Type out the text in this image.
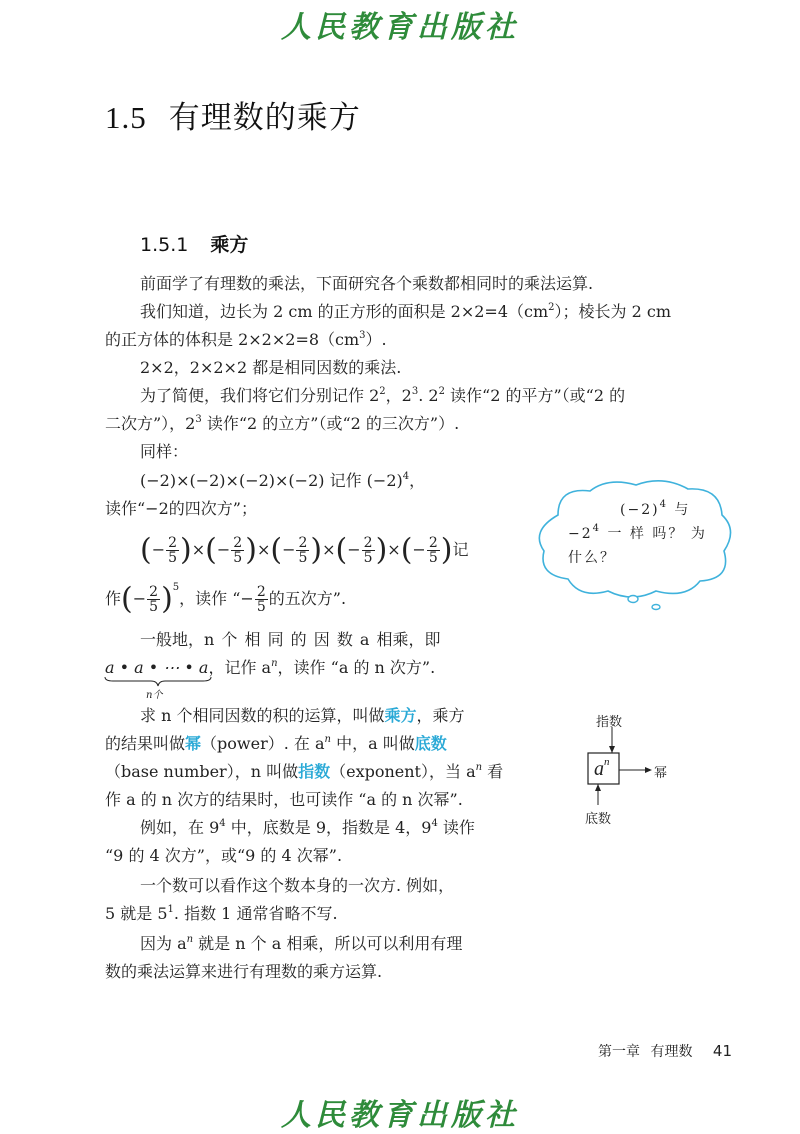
人民教育出版社
人民教育出版社
1.5 有理数的乘方
1.5.1 乘方
前面学了有理数的乘法，下面研究各个乘数都相同时的乘法运算.
我们知道，边长为 2 cm 的正方形的面积是 $2\times 2=4(cm^2)$；棱长为 2 cm
的正方体的体积是 $2\times 2\times 2=8(cm^3)$.
2×2，2×2×2 都是相同因数的乘法.
为了简便，我们将它们分别记作 $2^2$，$2^3$. $2^2$ 读作“2 的平方”（或“2 的
二次方”），$2^3$ 读作“2 的立方”（或“2 的三次方”）.
同样：
(−2)×(−2)×(−2)×(−2) 记作 $(-2)^4$，
读作“−2的四次方”；
(− $\frac{2}{5}$ )×(− $\frac{2}{5}$ )×(− $\frac{2}{5}$ )×(− $\frac{2}{5}$ )×(− $\frac{2}{5}$ )记
作(− $\frac{2}{5} )^5$，读作 “− $\frac{2}{5}$ 的五次方”.
一般地，n 个 相 同 的 因 数 a 相乘，即
a • a • ⋯ • a，记作 $a^n$，读作 “a 的 n 次方”.
n个
求 n 个相同因数的积的运算，叫做乘方，乘方
的结果叫做幂（power）. 在 $a^n$ 中，a 叫做底数
（base number），n 叫做指数（exponent），当 $a^n$ 看
作 a 的 n 次方的结果时，也可读作 “a 的 n 次幂”.
例如，在 $9^4$ 中，底数是 9，指数是 4，$9^4$ 读作
“9 的 4 次方”，或“9 的 4 次幂”.
一个数可以看作这个数本身的一次方. 例如，
5 就是 $5^1$. 指数 1 通常省略不写.
因为 $a^n$ 就是 n 个 a 相乘，所以可以利用有理
数的乘法运算来进行有理数的乘方运算.
$(-2)^4$ 与
$-2^4$ 一 样 吗？ 为
什么？
指数
$a^n$
幂
底数
第一章 有理数 41
